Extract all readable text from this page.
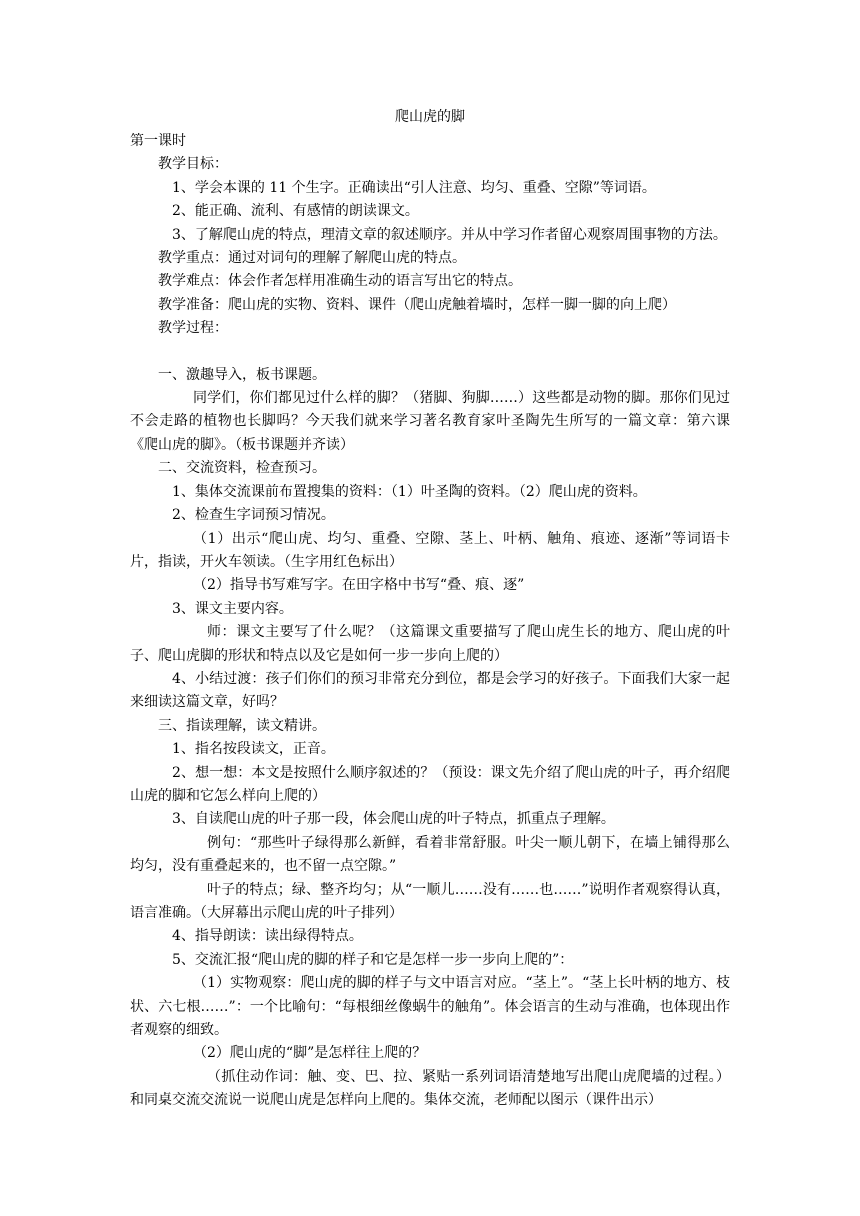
爬山虎的脚

第一课时

教学目标：

1、学会本课的 11 个生字。正确读出“引人注意、均匀、重叠、空隙”等词语。

2、能正确、流利、有感情的朗读课文。

3、了解爬山虎的特点，理清文章的叙述顺序。并从中学习作者留心观察周围事物的方法。

教学重点：通过对词句的理解了解爬山虎的特点。

教学难点：体会作者怎样用准确生动的语言写出它的特点。

教学准备：爬山虎的实物、资料、课件（爬山虎触着墙时，怎样一脚一脚的向上爬）

教学过程：

一、激趣导入，板书课题。

同学们，你们都见过什么样的脚？（猪脚、狗脚……）这些都是动物的脚。那你们见过不会走路的植物也长脚吗？今天我们就来学习著名教育家叶圣陶先生所写的一篇文章：第六课《爬山虎的脚》。（板书课题并齐读）

二、交流资料，检查预习。

1、集体交流课前布置搜集的资料：（1）叶圣陶的资料。（2）爬山虎的资料。

2、检查生字词预习情况。

（1）出示“爬山虎、均匀、重叠、空隙、茎上、叶柄、触角、痕迹、逐渐”等词语卡片，指读，开火车领读。（生字用红色标出）

（2）指导书写难写字。在田字格中书写“叠、痕、逐”

3、课文主要内容。

师：课文主要写了什么呢？（这篇课文重要描写了爬山虎生长的地方、爬山虎的叶子、爬山虎脚的形状和特点以及它是如何一步一步向上爬的）

4、小结过渡：孩子们你们的预习非常充分到位，都是会学习的好孩子。下面我们大家一起来细读这篇文章，好吗？

三、指读理解，读文精讲。

1、指名按段读文，正音。

2、想一想：本文是按照什么顺序叙述的？（预设：课文先介绍了爬山虎的叶子，再介绍爬山虎的脚和它怎么样向上爬的）

3、自读爬山虎的叶子那一段，体会爬山虎的叶子特点，抓重点子理解。

例句：“那些叶子绿得那么新鲜，看着非常舒服。叶尖一顺儿朝下，在墙上铺得那么均匀，没有重叠起来的，也不留一点空隙。”

叶子的特点；绿、整齐均匀；从“一顺儿……没有……也……”说明作者观察得认真，语言准确。（大屏幕出示爬山虎的叶子排列）

4、指导朗读：读出绿得特点。

5、交流汇报“爬山虎的脚的样子和它是怎样一步一步向上爬的”：

（1）实物观察：爬山虎的脚的样子与文中语言对应。“茎上”。“茎上长叶柄的地方、枝状、六七根……”：一个比喻句：“每根细丝像蜗牛的触角”。体会语言的生动与准确，也体现出作者观察的细致。

（2）爬山虎的“脚”是怎样往上爬的？

（抓住动作词：触、变、巴、拉、紧贴一系列词语清楚地写出爬山虎爬墙的过程。）和同桌交流交流说一说爬山虎是怎样向上爬的。集体交流，老师配以图示（课件出示）
